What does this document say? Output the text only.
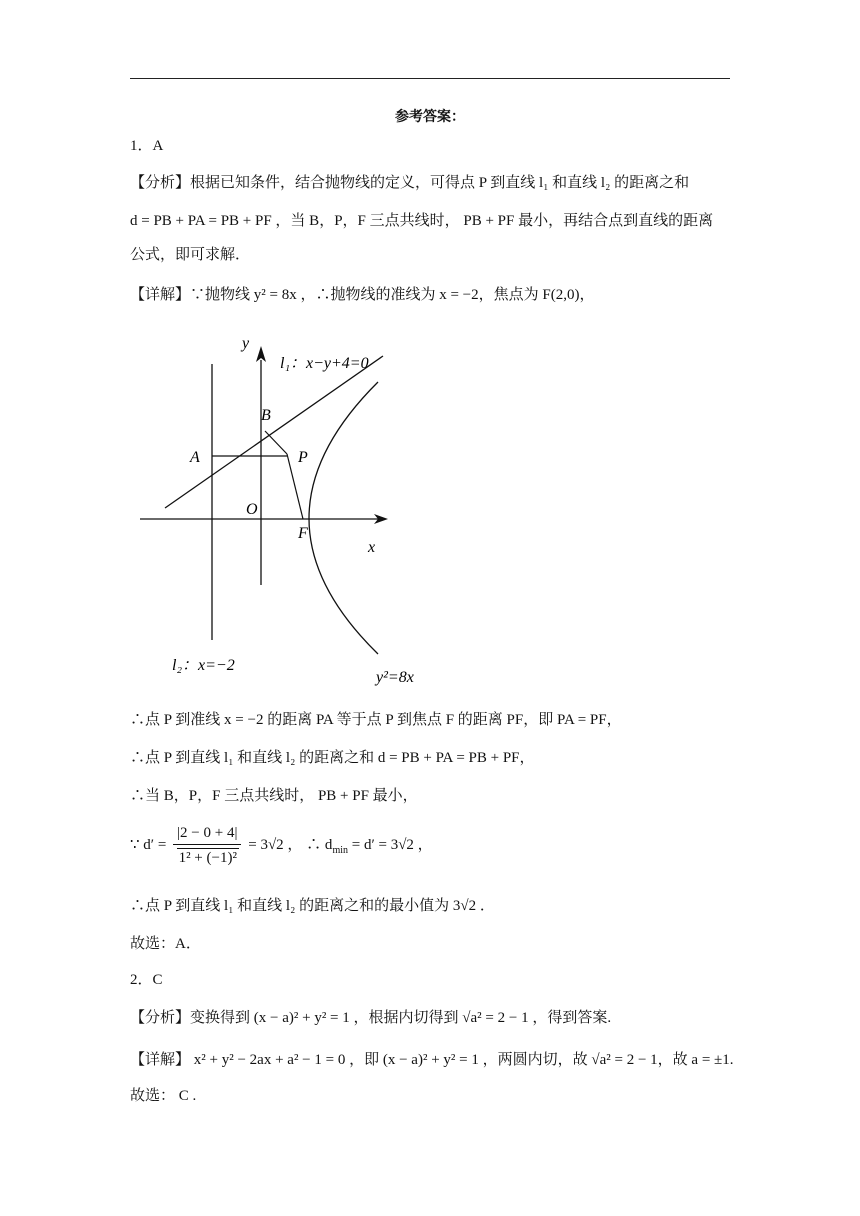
参考答案：
1．A
【分析】根据已知条件，结合抛物线的定义，可得点 P 到直线 l₁ 和直线 l₂ 的距离之和
d = PB + PA = PB + PF ，当 B，P，F 三点共线时， PB + PF 最小，再结合点到直线的距离
公式，即可求解．
【详解】∵抛物线 y² = 8x ，∴抛物线的准线为 x = −2，焦点为 F(2,0)，
y
x
l₁：x−y+4=0
l₂：x=−2
y²=8x
A
B
P
O
F
∴点 P 到准线 x = −2 的距离 PA 等于点 P 到焦点 F 的距离 PF，即 PA = PF，
∴点 P 到直线 l₁ 和直线 l₂ 的距离之和 d = PB + PA = PB + PF，
∴当 B，P，F 三点共线时， PB + PF 最小，
∵ $d' = \frac{|2 - 0 + 4|}{\text{1² + (−1)²}} = 3√2$ ， ∴ $d_{min} = d' = 3√2$ ，
∴点 P 到直线 l₁ 和直线 l₂ 的距离之和的最小值为 3√2 ．
故选：A．
2．C
【分析】变换得到 (x − a)² + y² = 1 ，根据内切得到 √a² = 2 − 1 ，得到答案.
【详解】 x² + y² − 2ax + a² − 1 = 0 ，即 (x − a)² + y² = 1 ，两圆内切，故 √a² = 2 − 1，故 a = ±1.
故选： C .
